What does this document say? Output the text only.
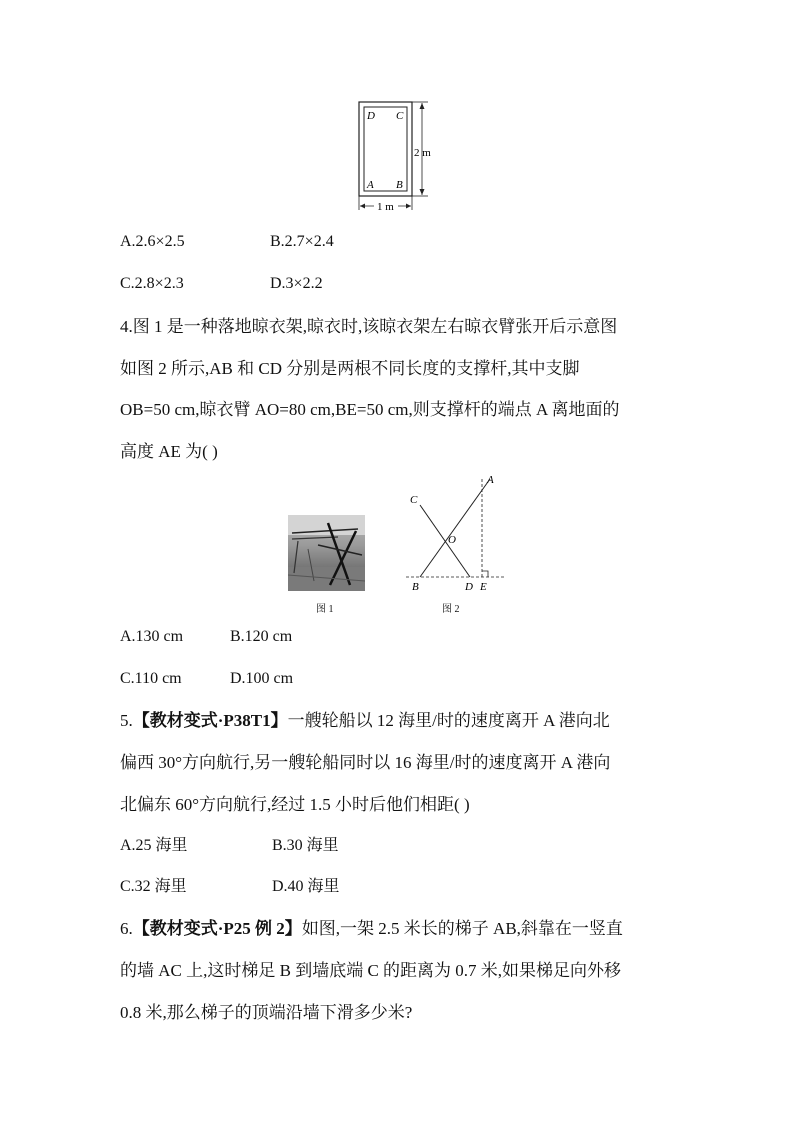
D C
A B
2 m
1 m
A.2.6×2.5	B.2.7×2.4
C.2.8×2.3	D.3×2.2
4.图 1 是一种落地晾衣架,晾衣时,该晾衣架左右晾衣臂张开后示意图
如图 2 所示,AB 和 CD 分别是两根不同长度的支撑杆,其中支脚
OB=50 cm,晾衣臂 AO=80 cm,BE=50 cm,则支撑杆的端点 A 离地面的
高度 AE 为( )
图 1
A
C
O
B	D E
图 2
A.130 cm	B.120 cm
C.110 cm	D.100 cm
5.【教材变式·P38T1】一艘轮船以 12 海里/时的速度离开 A 港向北
偏西 30°方向航行,另一艘轮船同时以 16 海里/时的速度离开 A 港向
北偏东 60°方向航行,经过 1.5 小时后他们相距( )
A.25 海里	B.30 海里
C.32 海里	D.40 海里
6.【教材变式·P25 例 2】如图,一架 2.5 米长的梯子 AB,斜靠在一竖直
的墙 AC 上,这时梯足 B 到墙底端 C 的距离为 0.7 米,如果梯足向外移
0.8 米,那么梯子的顶端沿墙下滑多少米?
